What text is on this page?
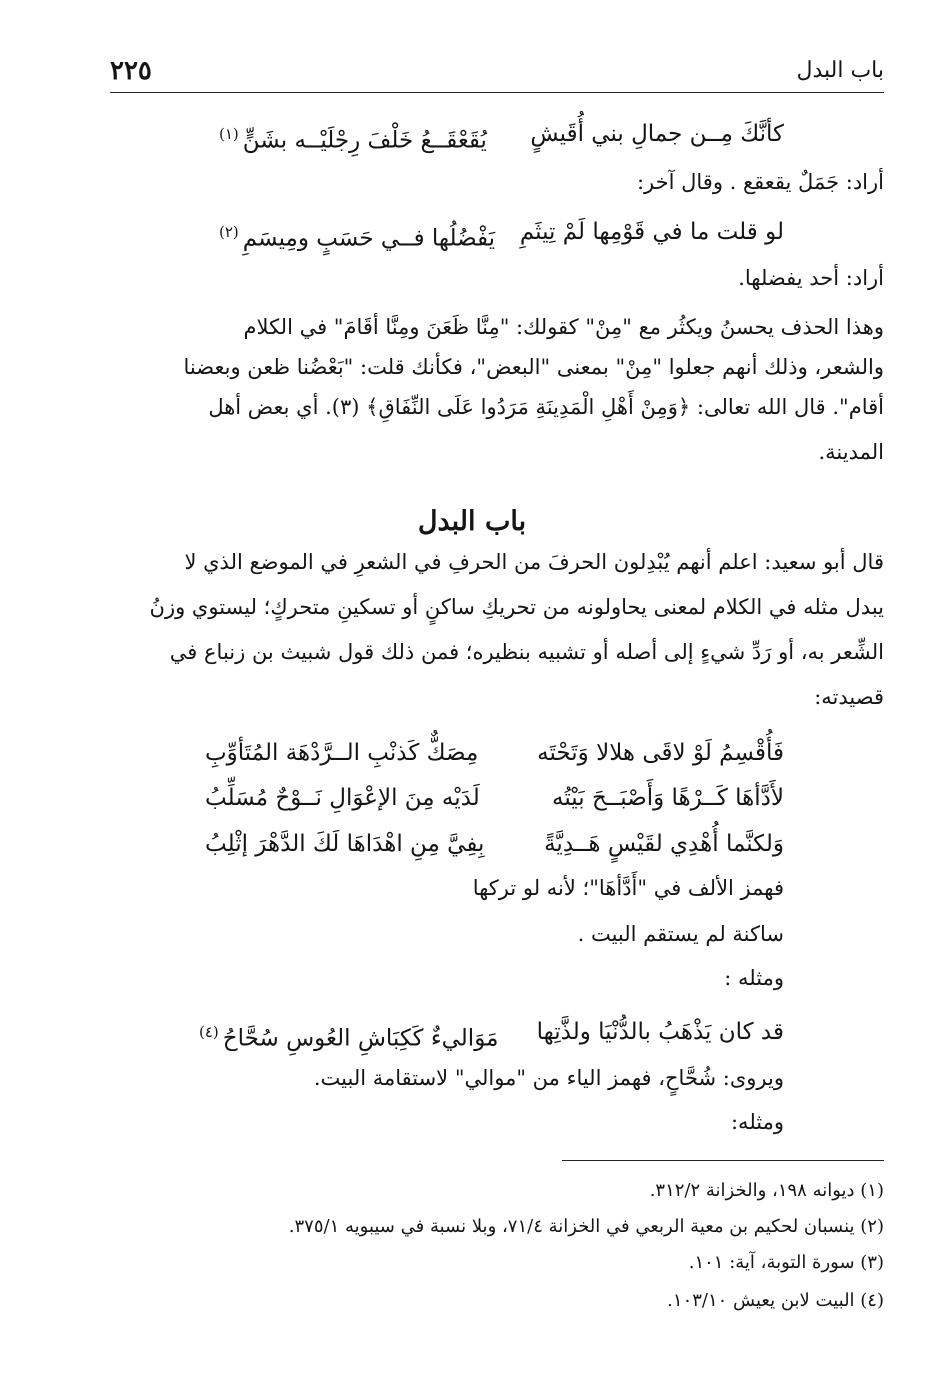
باب البدل
٢٢٥
كأنَّكَ مِــن جمالِ بني أُقَيشٍ
يُقَعْقَــعُ خَلْفَ رِجْلَيْــه بشَنٍّ$^{(١)}$
أراد: جَمَلٌ يقعقع . وقال آخر:
لو قلت ما في قَوْمِها لَمْ تِيثَمِ
يَفْضُلُها فــي حَسَبٍ ومِيسَمِ$^{(٢)}$
أراد: أحد يفضلها.
وهذا الحذف يحسنُ ويكثُر مع "مِنْ" كقولك: "مِنَّا ظَعَنَ ومِنَّا أقَامَ" في الكلام
والشعر، وذلك أنهم جعلوا "مِنْ" بمعنى "البعض"، فكأنك قلت: "بَعْضُنا ظعن وبعضنا
أقام". قال الله تعالى: ﴿وَمِنْ أَهْلِ الْمَدِينَةِ مَرَدُوا عَلَى النِّفَاقِ﴾ (٣). أي بعض أهل
المدينة.
باب البدل
قال أبو سعيد: اعلم أنهم يُبْدِلون الحرفَ من الحرفِ في الشعرِ في الموضع الذي لا
يبدل مثله في الكلام لمعنى يحاولونه من تحريكِ ساكنٍ أو تسكينِ متحركٍ؛ ليستوي وزنُ
الشِّعر به، أو رَدِّ شيءٍ إلى أصله أو تشبيه بنظيره؛ فمن ذلك قول شبيث بن زنباع في
قصيدته:
فَأُقْسِمُ لَوْ لاقَى هلالا وَتَحْتَه
مِصَكٌّ كَذنْبِ الــرَّدْهَة المُتَأوِّبِ
لأَدَّأهَا كَــرْهًا وَأَصْبَــحَ بَيْتُه
لَدَيْه مِنَ الإعْوَالِ نَــوْحٌ مُسَلِّبُ
وَلكنَّما أُهْدِي لقَيْسٍ هَــدِيَّةً
بِفِيَّ مِنِ اهْدَاهَا لَكَ الدَّهْرَ إثْلِبُ
فهمز الألف في "أَدَّأهَا"؛ لأنه لو تركها
ساكنة لم يستقم البيت .
ومثله :
قد كان يَذْهَبُ بالدُّنْيَا ولذَّتِها
مَوَاليءٌ كَكِبَاشِ العُوسِ سُحَّاحُ$^{(٤)}$
ويروى: شُحَّاحٍ، فهمز الياء من "موالي" لاستقامة البيت.
ومثله:
(١) ديوانه ١٩٨، والخزانة ٣١٢/٢.
(٢) ينسبان لحكيم بن معية الربعي في الخزانة ٧١/٤، وبلا نسبة في سيبويه ٣٧٥/١.
(٣) سورة التوبة، آية: ١٠١.
(٤) البيت لابن يعيش ١٠٣/١٠.
